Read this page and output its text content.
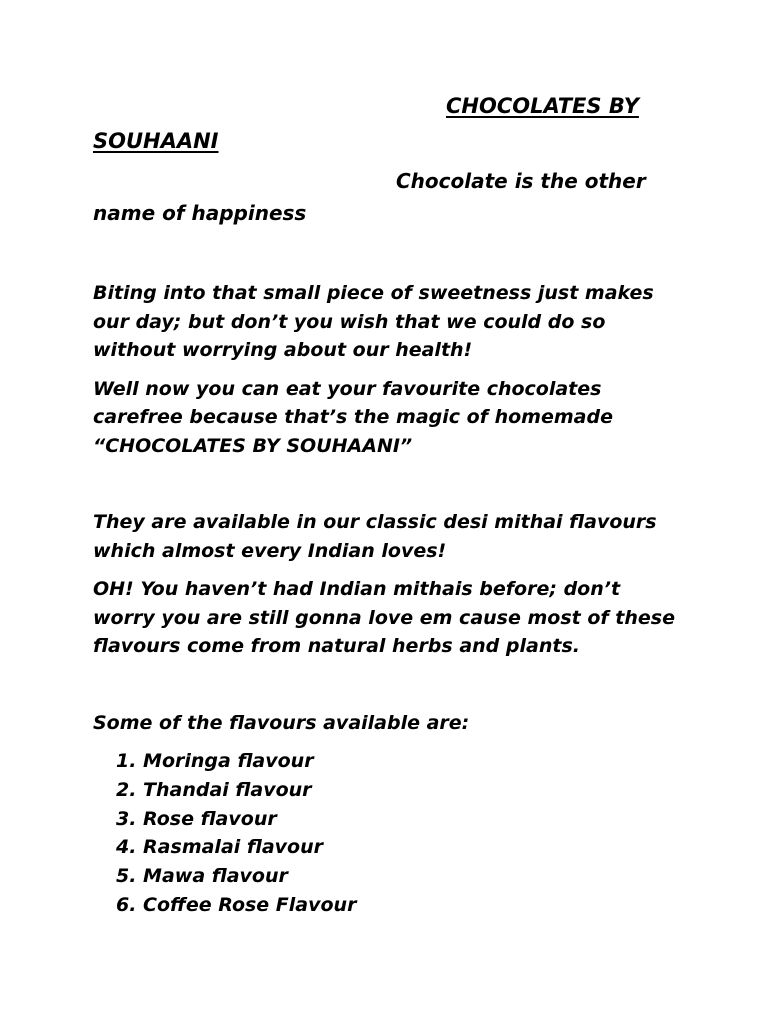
CHOCOLATES BY
SOUHAANI
Chocolate is the other
name of happiness

Biting into that small piece of sweetness just makes our day; but don’t you wish that we could do so without worrying about our health!

Well now you can eat your favourite chocolates carefree because that’s the magic of homemade
“CHOCOLATES BY SOUHAANI”

They are available in our classic desi mithai flavours which almost every Indian loves!

OH! You haven’t had Indian mithais before; don’t worry you are still gonna love em cause most of these flavours come from natural herbs and plants.

Some of the flavours available are:

1. Moringa flavour
2. Thandai flavour
3. Rose flavour
4. Rasmalai flavour
5. Mawa flavour
6. Coffee Rose Flavour
